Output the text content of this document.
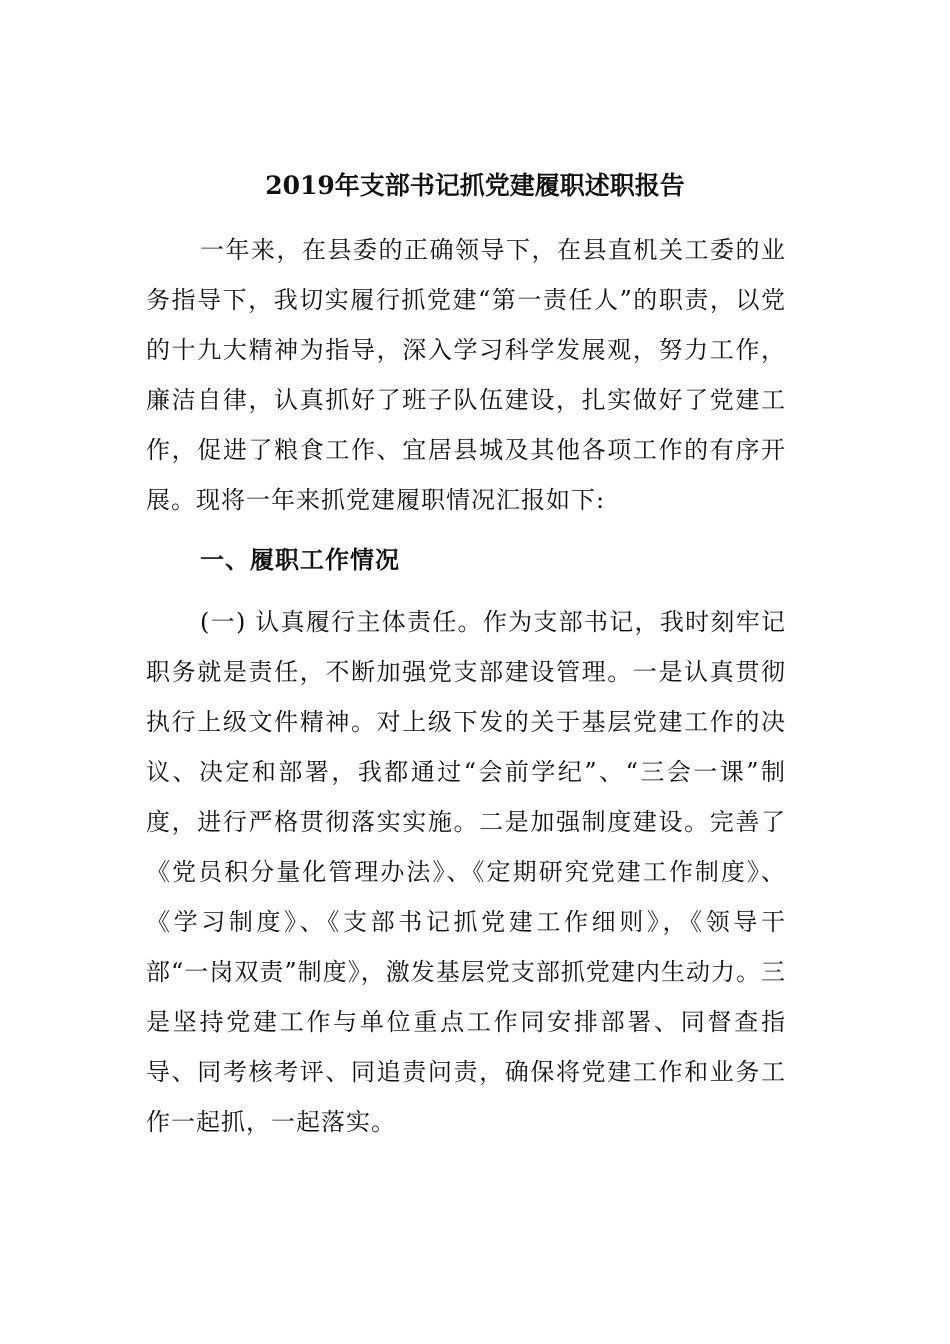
2019年支部书记抓党建履职述职报告

一年来，在县委的正确领导下，在县直机关工委的业务指导下，我切实履行抓党建“第一责任人”的职责，以党的十九大精神为指导，深入学习科学发展观，努力工作，廉洁自律，认真抓好了班子队伍建设，扎实做好了党建工作，促进了粮食工作、宜居县城及其他各项工作的有序开展。现将一年来抓党建履职情况汇报如下:

一、履职工作情况

(一) 认真履行主体责任。作为支部书记，我时刻牢记职务就是责任，不断加强党支部建设管理。一是认真贯彻执行上级文件精神。对上级下发的关于基层党建工作的决议、决定和部署，我都通过“会前学纪”、“三会一课”制度，进行严格贯彻落实实施。二是加强制度建设。完善了《党员积分量化管理办法》、《定期研究党建工作制度》、《学习制度》、《支部书记抓党建工作细则》，《领导干部“一岗双责”制度》，激发基层党支部抓党建内生动力。三是坚持党建工作与单位重点工作同安排部署、同督查指导、同考核考评、同追责问责，确保将党建工作和业务工作一起抓，一起落实。
